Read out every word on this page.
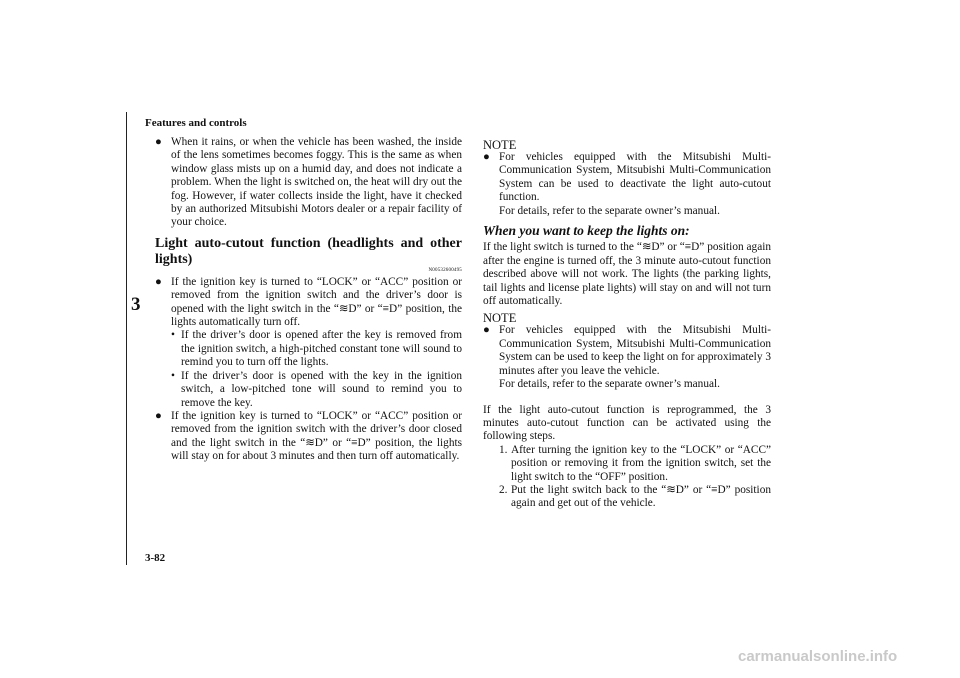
Features and controls
3
3-82
● When it rains, or when the vehicle has been washed, the inside of the lens sometimes becomes foggy. This is the same as when window glass mists up on a humid day, and does not indicate a problem. When the light is switched on, the heat will dry out the fog. However, if water collects inside the light, have it checked by an authorized Mitsubishi Motors dealer or a repair facility of your choice.

Light auto-cutout function (headlights and other lights)
N00532600495
● If the ignition key is turned to “LOCK” or “ACC” position or removed from the ignition switch and the driver’s door is opened with the light switch in the “≋D” or “≡D” position, the lights automatically turn off.

• If the driver’s door is opened after the key is removed from the ignition switch, a high-pitched constant tone will sound to remind you to turn off the lights.

• If the driver’s door is opened with the key in the ignition switch, a low-pitched tone will sound to remind you to remove the key.

● If the ignition key is turned to “LOCK” or “ACC” position or removed from the ignition switch with the driver’s door closed and the light switch in the “≋D” or “≡D” position, the lights will stay on for about 3 minutes and then turn off automatically.

NOTE
● For vehicles equipped with the Mitsubishi Multi-Communication System, Mitsubishi Multi-Communication System can be used to deactivate the light auto-cutout function.

For details, refer to the separate owner’s manual.

When you want to keep the lights on:

If the light switch is turned to the “≋D” or “≡D” position again after the engine is turned off, the 3 minute auto-cutout function described above will not work. The lights (the parking lights, tail lights and license plate lights) will stay on and will not turn off automatically.

NOTE
● For vehicles equipped with the Mitsubishi Multi-Communication System, Mitsubishi Multi-Communication System can be used to keep the light on for approximately 3 minutes after you leave the vehicle.

For details, refer to the separate owner’s manual.

If the light auto-cutout function is reprogrammed, the 3 minutes auto-cutout function can be activated using the following steps.

1. After turning the ignition key to the “LOCK” or “ACC” position or removing it from the ignition switch, set the light switch to the “OFF” position.

2. Put the light switch back to the “≋D” or “≡D” position again and get out of the vehicle.

carmanualsonline.info
